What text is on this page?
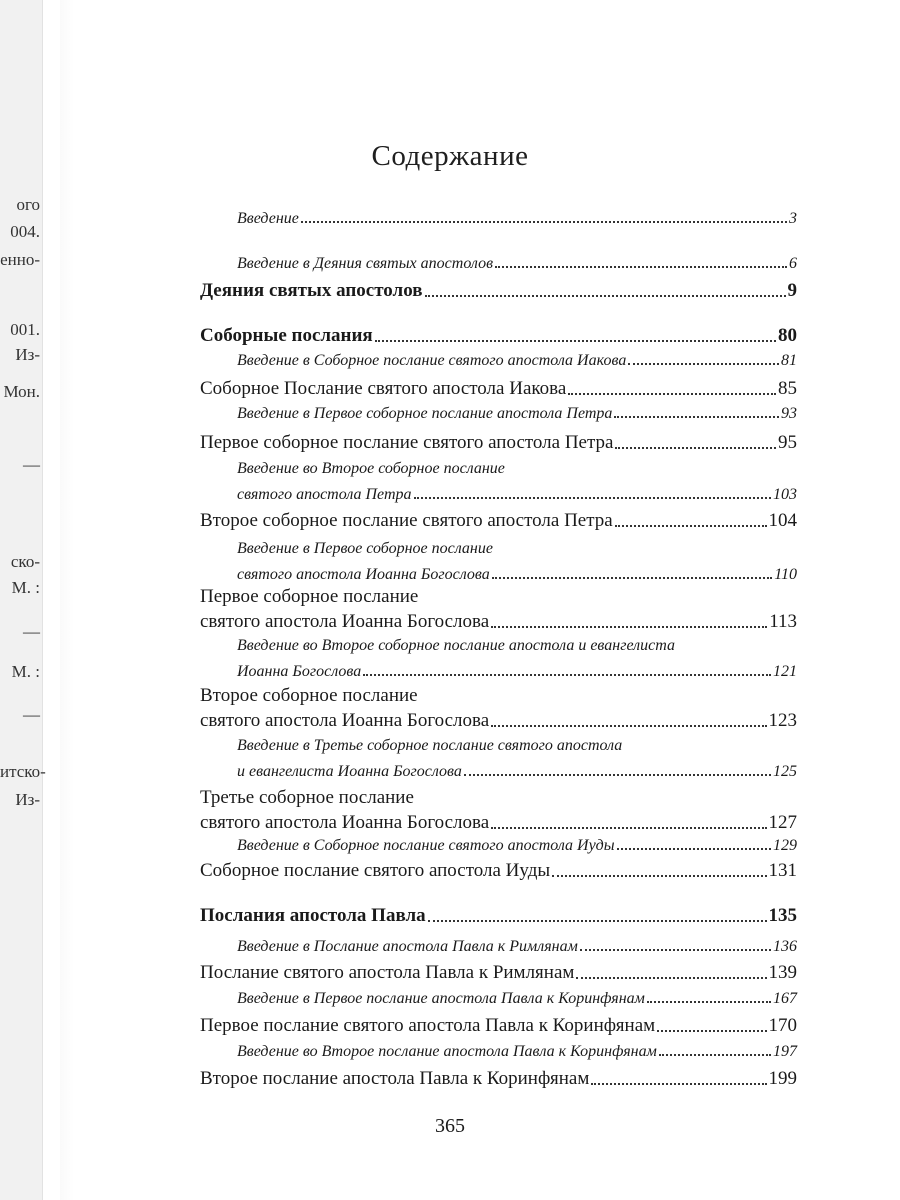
ого
004.
енно-
001.
Из-
Мон.
—
ско-
М. :
—
М. :
—
итско-
Из-
Содержание
Введение	3
Введение в Деяния святых апостолов	6
Деяния святых апостолов	9
Соборные послания	80
Введение в Соборное послание святого апостола Иакова	81
Соборное Послание святого апостола Иакова	85
Введение в Первое соборное послание апостола Петра	93
Первое соборное послание святого апостола Петра	95
Введение во Второе соборное послание
святого апостола Петра	103
Второе соборное послание святого апостола Петра	104
Введение в Первое соборное послание
святого апостола Иоанна Богослова	110
Первое соборное послание
святого апостола Иоанна Богослова	113
Введение во Второе соборное послание апостола и евангелиста
Иоанна Богослова	121
Второе соборное послание
святого апостола Иоанна Богослова	123
Введение в Третье соборное послание святого апостола
и евангелиста Иоанна Богослова	125
Третье соборное послание
святого апостола Иоанна Богослова	127
Введение в Соборное послание святого апостола Иуды	129
Соборное послание святого апостола Иуды	131
Послания апостола Павла	135
Введение в Послание апостола Павла к Римлянам	136
Послание святого апостола Павла к Римлянам	139
Введение в Первое послание апостола Павла к Коринфянам	167
Первое послание святого апостола Павла к Коринфянам	170
Введение во Второе послание апостола Павла к Коринфянам	197
Второе послание апостола Павла к Коринфянам	199
365
